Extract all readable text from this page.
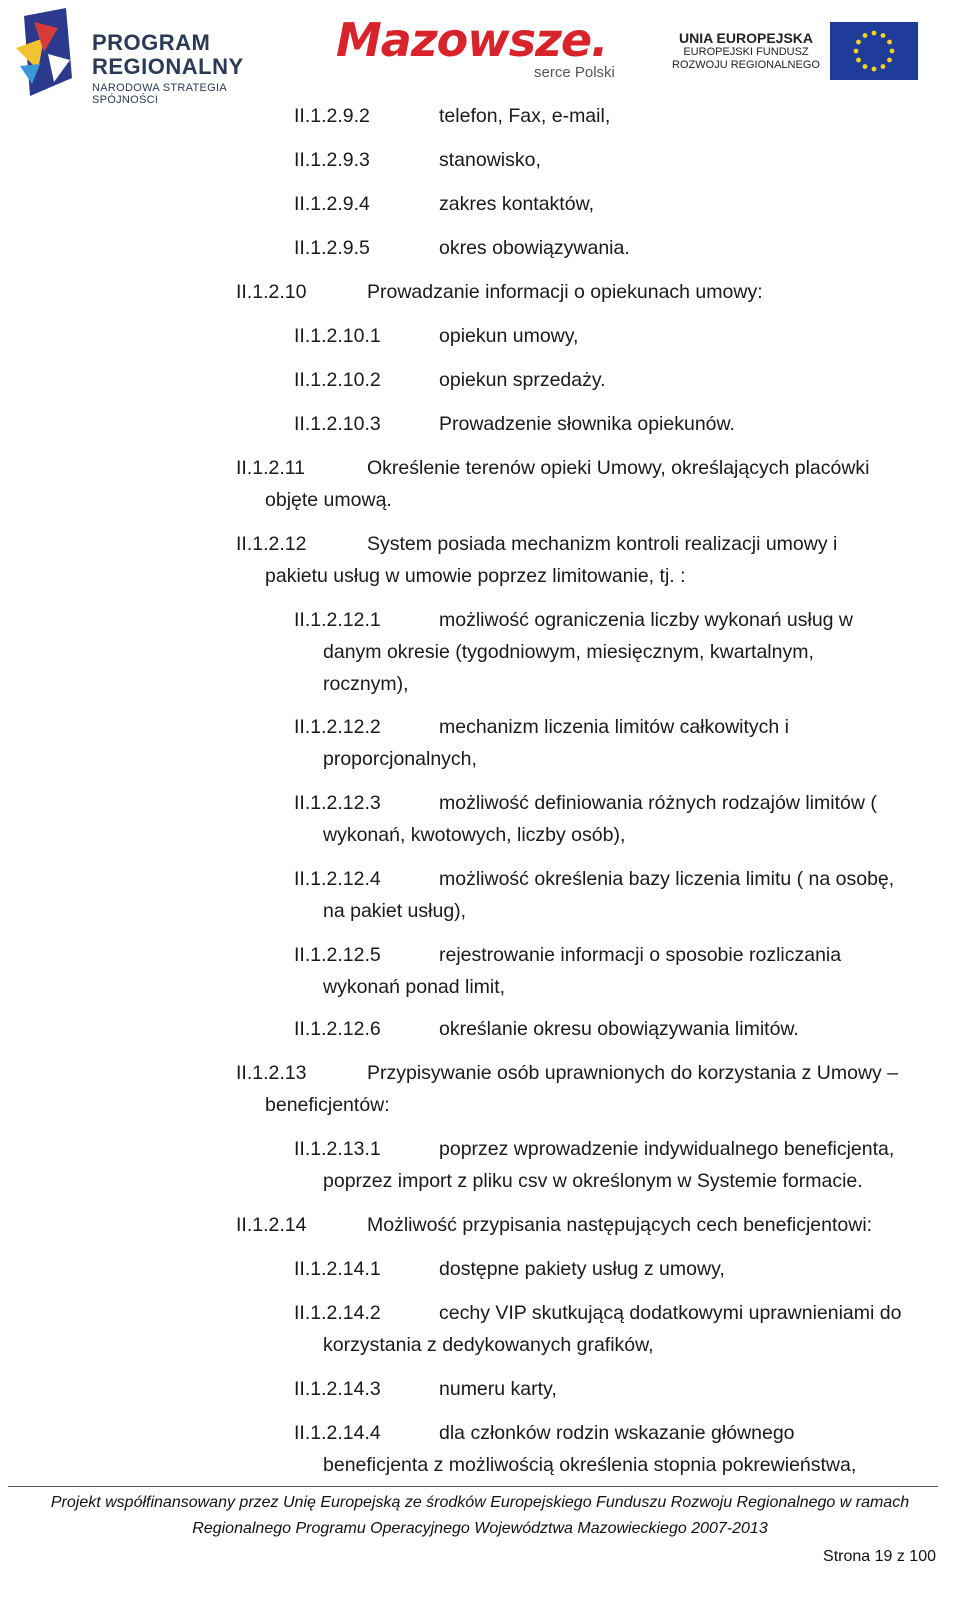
PROGRAM
REGIONALNY
NARODOWA STRATEGIA SPÓJNOŚCI
Mazowsze.
serce Polski
UNIA EUROPEJSKA
EUROPEJSKI FUNDUSZ
ROZWOJU REGIONALNEGO
II.1.2.9.2	telefon, Fax, e-mail,
II.1.2.9.3	stanowisko,
II.1.2.9.4	zakres kontaktów,
II.1.2.9.5	okres obowiązywania.
II.1.2.10	Prowadzanie informacji o opiekunach umowy:
II.1.2.10.1	opiekun umowy,
II.1.2.10.2	opiekun sprzedaży.
II.1.2.10.3	Prowadzenie słownika opiekunów.
II.1.2.11	Określenie terenów opieki Umowy, określających placówki
objęte umową.
II.1.2.12	System posiada mechanizm kontroli realizacji umowy i
pakietu usług w umowie poprzez limitowanie, tj. :
II.1.2.12.1	możliwość ograniczenia liczby wykonań usług w
danym okresie (tygodniowym, miesięcznym, kwartalnym,
rocznym),
II.1.2.12.2	mechanizm liczenia limitów całkowitych i
proporcjonalnych,
II.1.2.12.3	możliwość definiowania różnych rodzajów limitów (
wykonań, kwotowych, liczby osób),
II.1.2.12.4	możliwość określenia bazy liczenia limitu ( na osobę,
na pakiet usług),
II.1.2.12.5	rejestrowanie informacji o sposobie rozliczania
wykonań ponad limit,
II.1.2.12.6	określanie okresu obowiązywania limitów.
II.1.2.13	Przypisywanie osób uprawnionych do korzystania z Umowy –
beneficjentów:
II.1.2.13.1	poprzez wprowadzenie indywidualnego beneficjenta,
poprzez import z pliku csv w określonym w Systemie formacie.
II.1.2.14	Możliwość przypisania następujących cech beneficjentowi:
II.1.2.14.1	dostępne pakiety usług z umowy,
II.1.2.14.2	cechy VIP skutkującą dodatkowymi uprawnieniami do
korzystania z dedykowanych grafików,
II.1.2.14.3	numeru karty,
II.1.2.14.4	dla członków rodzin wskazanie głównego
beneficjenta z możliwością określenia stopnia pokrewieństwa,
Projekt współfinansowany przez Unię Europejską ze środków Europejskiego Funduszu Rozwoju Regionalnego w ramach
Regionalnego Programu Operacyjnego Województwa Mazowieckiego 2007-2013
Strona 19 z 100
